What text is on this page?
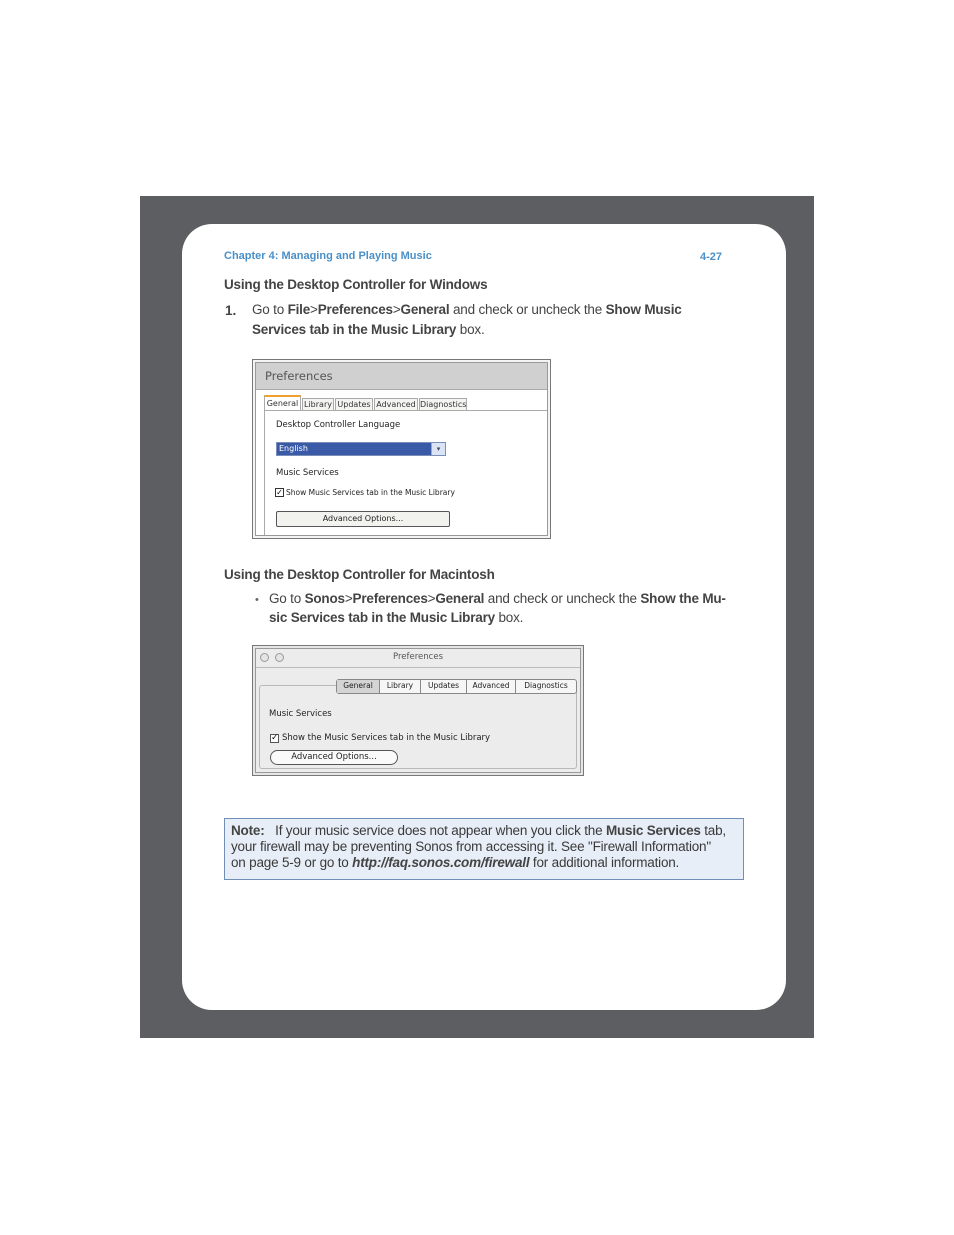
Chapter 4: Managing and Playing Music	4-27
Using the Desktop Controller for Windows
1. Go to File>Preferences>General and check or uncheck the Show Music
Services tab in the Music Library box.
Preferences
General Library Updates Advanced Diagnostics
Desktop Controller Language
English	▾
Music Services
✓ Show Music Services tab in the Music Library
Advanced Options...
Using the Desktop Controller for Macintosh
• Go to Sonos>Preferences>General and check or uncheck the Show the Mu-
sic Services tab in the Music Library box.
Preferences
Music Services
✓ Show the Music Services tab in the Music Library
General	Library	Updates	Advanced	Diagnostics
Advanced Options...
Note: If your music service does not appear when you click the Music Services tab,
your firewall may be preventing Sonos from accessing it. See "Firewall Information"
on page 5-9 or go to http://faq.sonos.com/firewall for additional information.
